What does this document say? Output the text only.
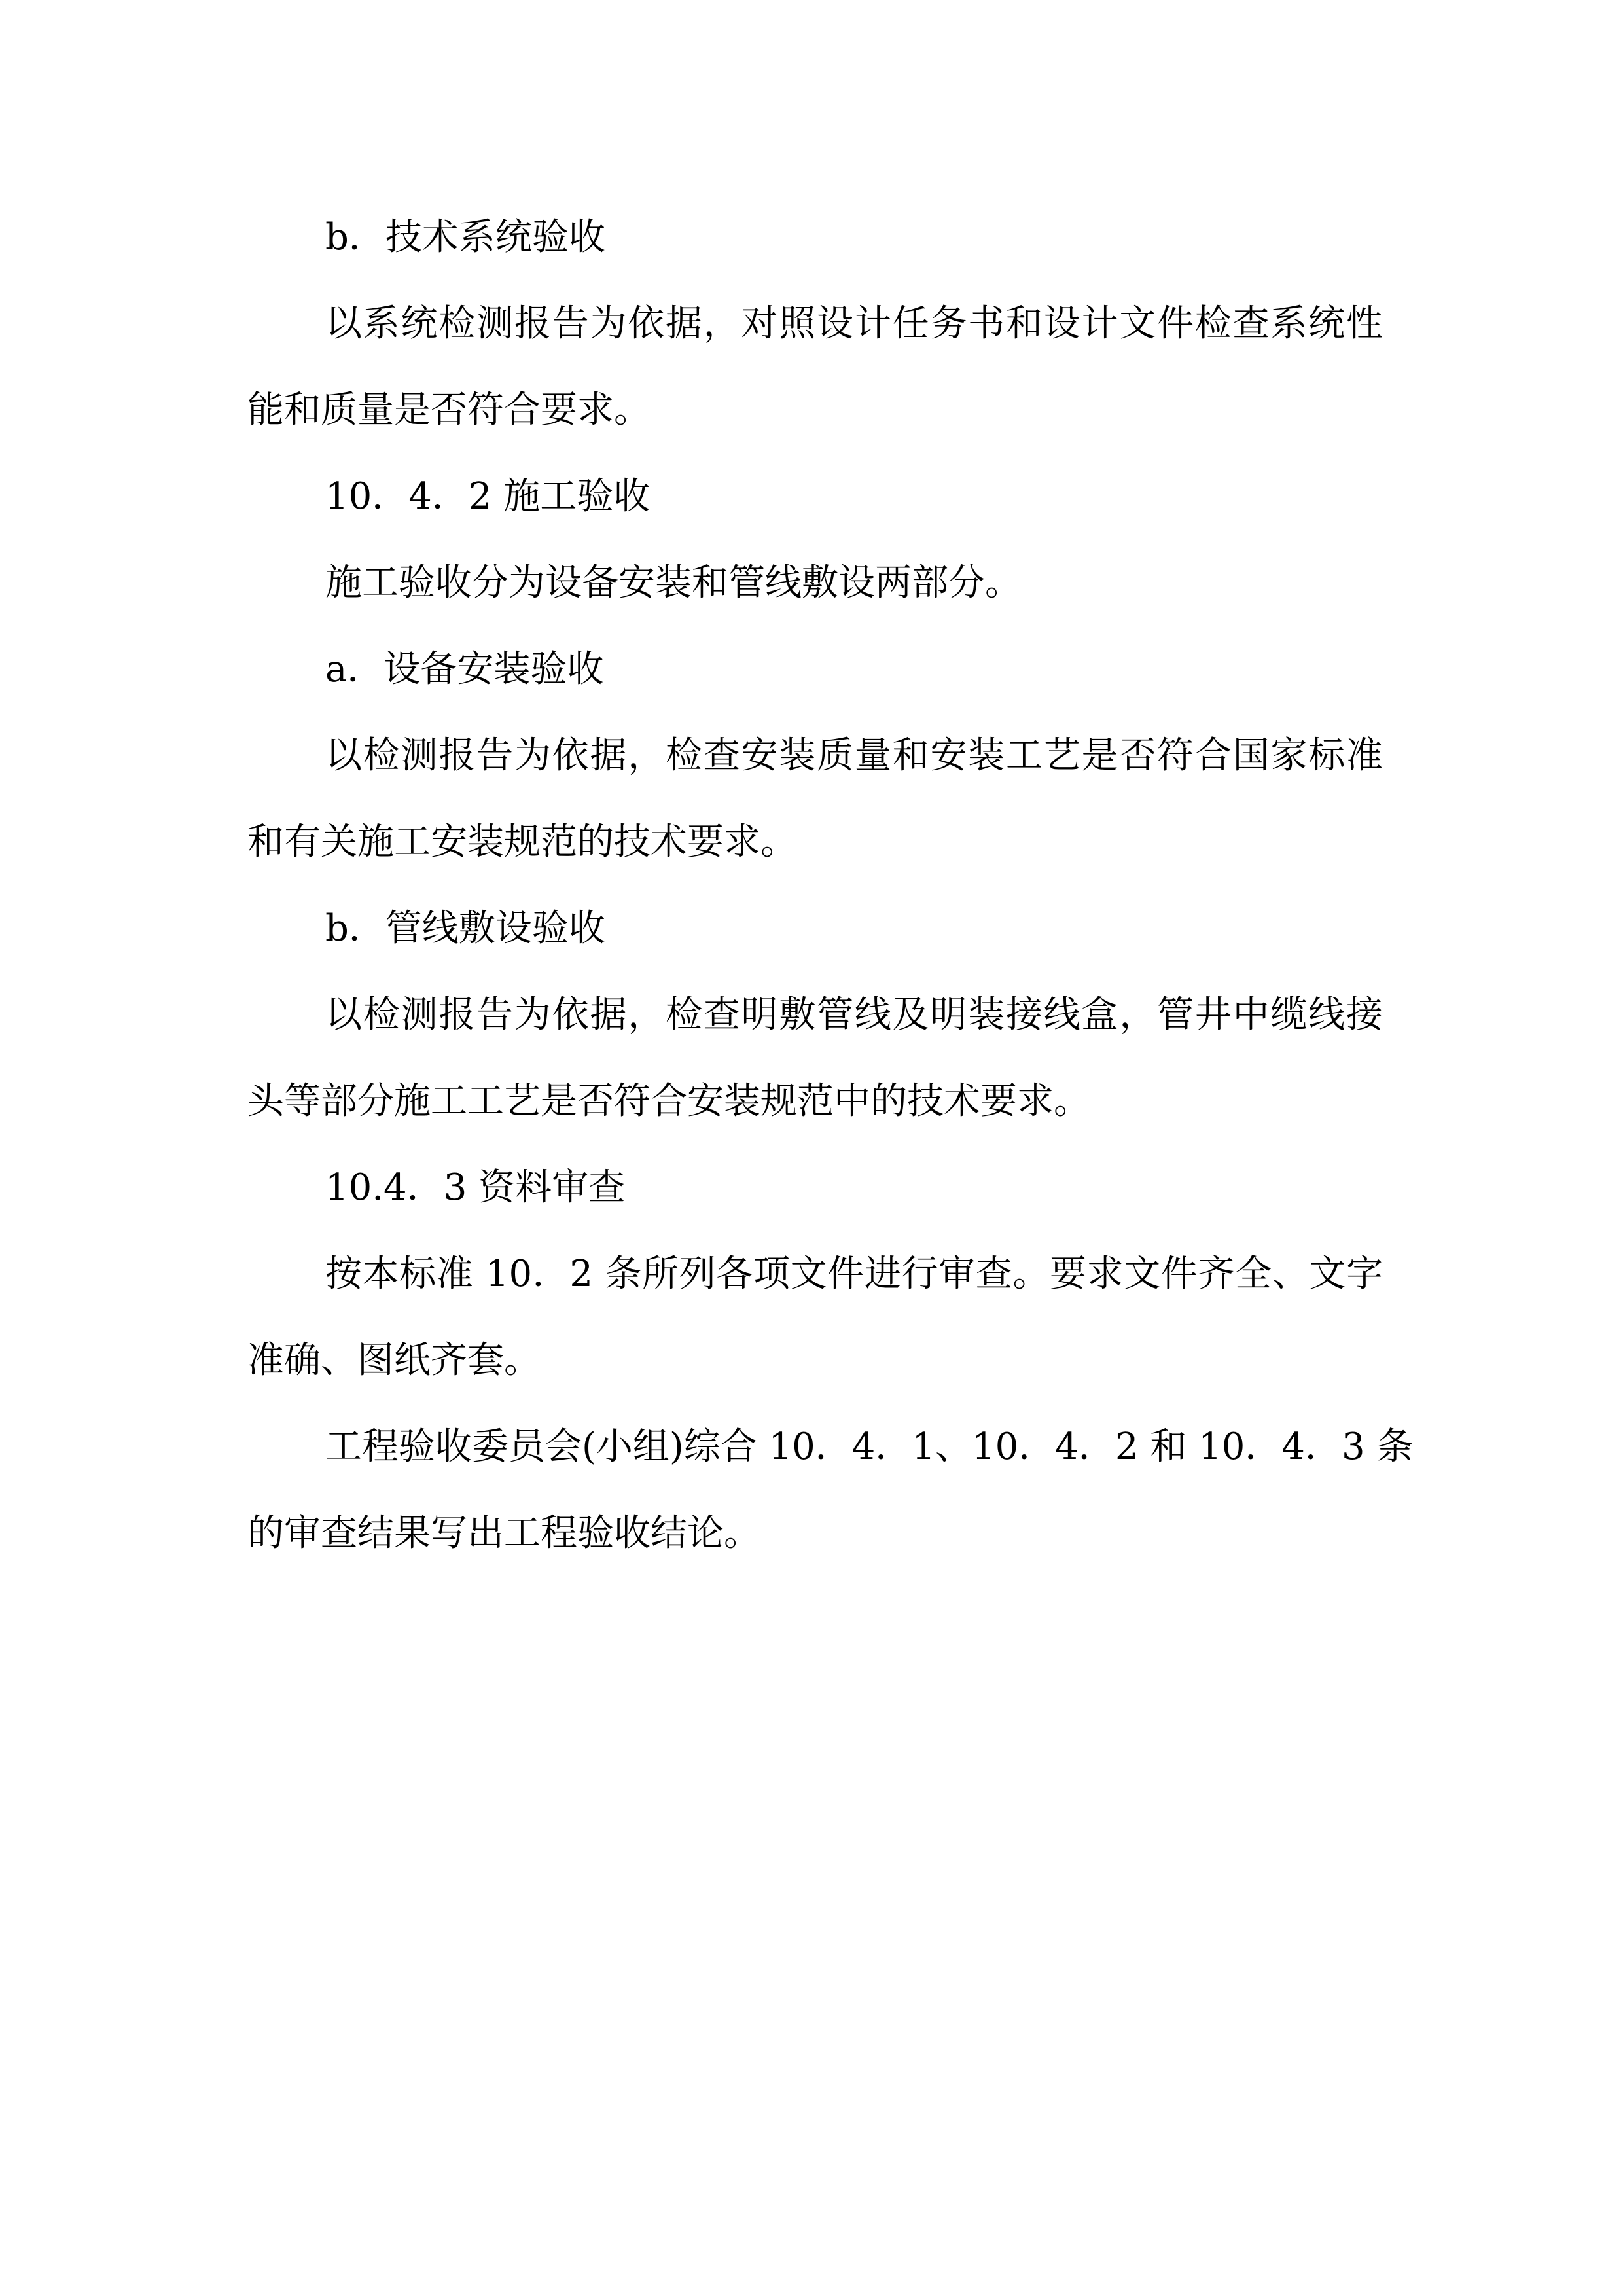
b．技术系统验收

以系统检测报告为依据，对照设计任务书和设计文件检查系统性

能和质量是否符合要求。

10．4．2 施工验收

施工验收分为设备安装和管线敷设两部分。

a．设备安装验收

以检测报告为依据，检查安装质量和安装工艺是否符合国家标准

和有关施工安装规范的技术要求。

b．管线敷设验收

以检测报告为依据，检查明敷管线及明装接线盒，管井中缆线接

头等部分施工工艺是否符合安装规范中的技术要求。

10.4．3 资料审查

按本标准 10．2 条所列各项文件进行审查。要求文件齐全、文字

准确、图纸齐套。

工程验收委员会(小组)综合 10．4．1、10．4．2 和 10．4．3 条

的审查结果写出工程验收结论。
